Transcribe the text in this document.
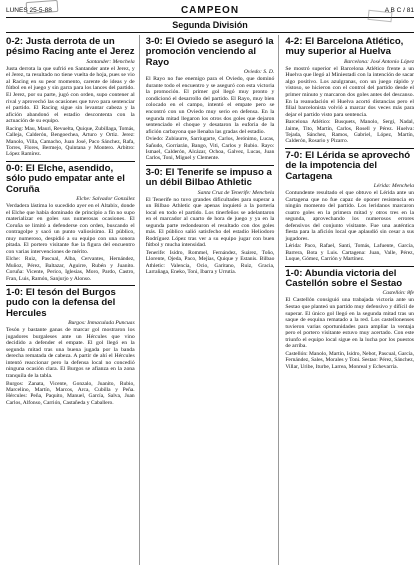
LUNES 25-5-88	CAMPEON	A B C / 81
Segunda División
0-2: Justa derrota de un pésimo Racing ante el Jerez
Santander: Menchela

Justa derrota la que sufrió en Santander ante el Jerez, y el Jerez, ta resultado no tiene vuelta de hoja, pues se vio al Racing en su peor momento, carente de ideas y de fútbol en el juego y sin garra para los lances del partido. El Jerez, por su parte, jugó con orden, supo contener al rival y aprovechó las ocasiones que tuvo para sentenciar el partido. El Racing sigue sin levantar cabeza y la afición abandonó el estadio descontenta con la actuación de su equipo.

Racing: Mau, Mauri, Revuelta, Quique, Zubillaga, Tomás, Calleja, Calderón, Bengoechea, Arturo y Ortiz. Jerez: Manolo, Villa, Camacho, Juan José, Paco Sánchez, Rafa, Torres, Flores, Bermejo, Quintana y Montero. Arbitro: López Ramírez.

0-0: El Elche, asendido, sólo pudo empatar ante el Coruña
Elche: Salvador González

Verdadera lástima lo sucedido ayer en el Altabix, donde el Elche que había dominado de principio a fin no supo materializar en goles sus numerosas ocasiones. El Coruña se limitó a defenderse con orden, buscando el contragolpe y sacó un punto valiosísimo. El público, muy numeroso, despidió a su equipo con una sonora pitada. El portero visitante fue la figura del encuentro con varias intervenciones de mérito.

Elche: Ruiz, Pascual, Alba, Cervantes, Hernández, Muñoz, Pérez, Baltazar, Aguirre, Rubén y Juanito. Coruña: Vicente, Perico, Iglesias, Moro, Pardo, Castro, Fran, Luis, Ramón, Sanjurjo y Alonso.

1-0: El tesón del Burgos pudo con la defensa del Hercules
Burgos: Inmaculada Puncuas

Tesón y bastante ganas de marcar gol mostraron los jugadores burgaleses ante un Hércules que vino decidido a defender el empate. El gol llegó en la segunda mitad tras una buena jugada por la banda derecha rematada de cabeza. A partir de ahí el Hércules intentó reaccionar pero la defensa local no concedió ninguna ocasión clara. El Burgos se afianza en la zona tranquila de la tabla.

Burgos: Zanata, Vicente, Gonzalo, Juanito, Rubio, Marcelino, Martín, Marcos, Arca, Cubilla y Peña. Hércules: Peña, Paquito, Manuel, García, Salva, Juan Carlos, Alfonso, Carrión, Castañeda y Caballero.

3-0: El Oviedo se aseguró la promoción venciendo al Rayo
Oviedo: S. D.

El Rayo no fue enemigo para el Oviedo, que dominó durante todo el encuentro y se aseguró con esta victoria la promoción. El primer gol llegó muy pronto y condicionó el desarrollo del partido. El Rayo, muy bien colocado en el campo, intentó el empate pero se encontró con un Oviedo muy serio en defensa. En la segunda mitad llegaron los otros dos goles que dejaron sentenciado el choque y desataron la euforia de la afición carbayona que llenaba las gradas del estadio.

Oviedo: Zubiaurre, Sarriugarte, Carlos, Jerónimo, Lucas, Sañudo, Gorriarán, Bango, Viti, Carlos y Rubio. Rayo: Ismael, Calderón, Alcázar, Ochoa, Galvez, Lucas, Juan Carlos, Toni, Miguel y Clemente.

3-0: El Tenerife se impuso a un débil Bilbao Athletic
Santa Cruz de Tenerife: Menchela

El Tenerife no tuvo grandes dificultades para superar a un Bilbao Athletic que apenas inquietó a la portería local en todo el partido. Los tinerfeños se adelantaron en el marcador al cuarto de hora de juego y ya en la segunda parte redondearon el resultado con dos goles más. El público salió satisfecho del estadio Heliodoro Rodríguez López tras ver a su equipo jugar con buen fútbol y mucha intensidad.

Tenerife: Isidro, Rommel, Fernández, Suárez, Toño, Llorente, Ojeda, Paco, Mejías, Quique y Estanis. Bilbao Athletic: Valencia, Ocio, Garitano, Ruiz, Gracia, Larrañaga, Eneko, Toni, Ibarra y Urrutia.

4-2: El Barcelona Atlético, muy superior al Huelva
Barcelona: José Antonio López

Se mostró superior el Barcelona Atlético frente a un Huelva que llegó al Miniestadi con la intención de sacar algo positivo. Los azulgranas, con un juego rápido y vistoso, se hicieron con el control del partido desde el primer minuto y marcaron dos goles antes del descanso. En la reanudación el Huelva acortó distancias pero el filial barcelonista volvió a marcar dos veces más para dejar el partido visto para sentencia.

Barcelona Atlético: Busquets, Manolo, Sergi, Nadal, Jaime, Tito, Martín, Carlos, Rosell y Pérez. Huelva: Tejada, Sánchez, Ramos, Gabriel, López, Martín, Calderón, Rosario y Pizarro.

7-0: El Lérida se aprovechó de la impotencia del Cartagena
Lérida: Menchela

Contundente resultado el que obtuvo el Lérida ante un Cartagena que no fue capaz de oponer resistencia en ningún momento del partido. Los leridanos marcaron cuatro goles en la primera mitad y otros tres en la segunda, aprovechando los numerosos errores defensivos del conjunto visitante. Fue una auténtica fiesta para la afición local que aplaudió sin cesar a sus jugadores.

Lérida: Paco, Rafael, Santi, Tomás, Lafuente, García, Barrera, Bota y Luis. Cartagena: Juan, Valle, Pérez, Luque, Gómez, Carrión y Martínez.

1-0: Abundia victoria del Castellón sobre el Sestao
Castellón: 8fe

El Castellón consiguió una trabajada victoria ante un Sestao que planteó un partido muy defensivo y difícil de superar. El único gol llegó en la segunda mitad tras un saque de esquina rematado a la red. Los castellonenses tuvieron varias oportunidades para ampliar la ventaja pero el portero visitante estuvo muy acertado. Con este triunfo el equipo local sigue en la lucha por los puestos de arriba.

Castellón: Manolo, Martín, Isidro, Nebot, Pascual, García, Fernández, Sales, Morales y Toni. Sestao: Pérez, Sánchez, Villar, Uribe, Iturbe, Larrea, Monreal y Echevarría.
